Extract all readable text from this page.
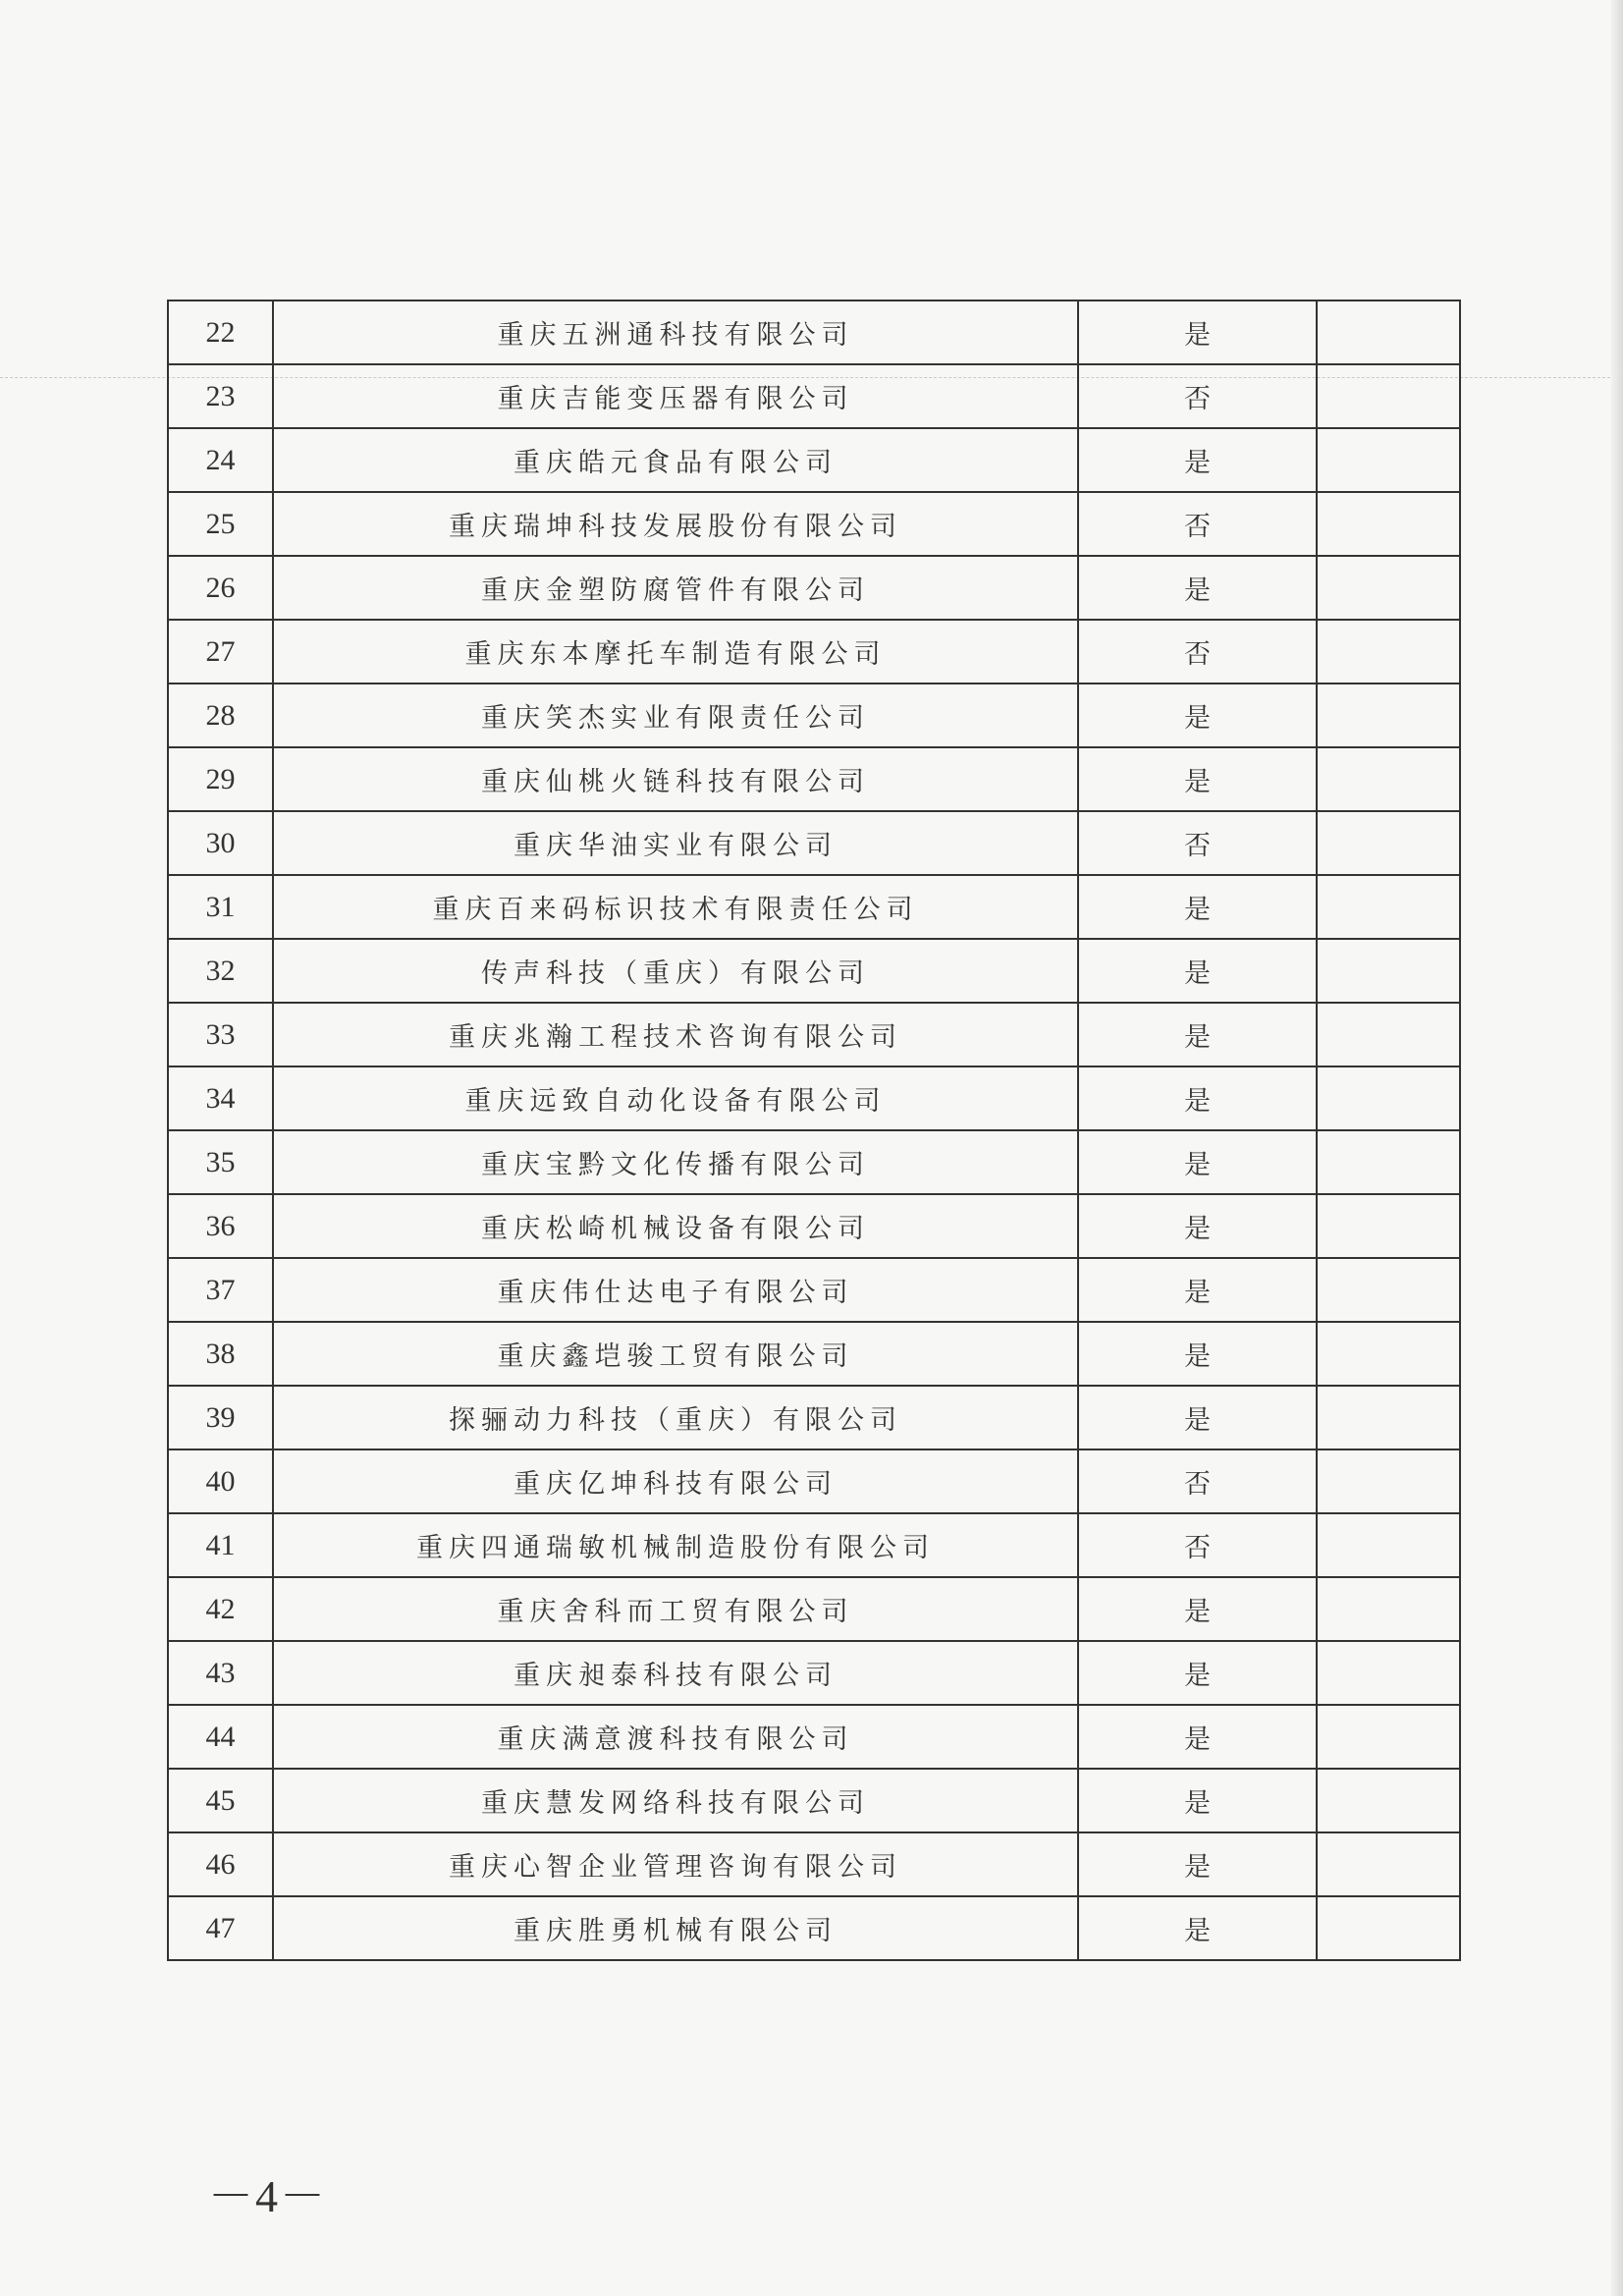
22	重庆五洲通科技有限公司	是	
23	重庆吉能变压器有限公司	否	
24	重庆皓元食品有限公司	是	
25	重庆瑞坤科技发展股份有限公司	否	
26	重庆金塑防腐管件有限公司	是	
27	重庆东本摩托车制造有限公司	否	
28	重庆笑杰实业有限责任公司	是	
29	重庆仙桃火链科技有限公司	是	
30	重庆华油实业有限公司	否	
31	重庆百来码标识技术有限责任公司	是	
32	传声科技（重庆）有限公司	是	
33	重庆兆瀚工程技术咨询有限公司	是	
34	重庆远致自动化设备有限公司	是	
35	重庆宝黔文化传播有限公司	是	
36	重庆松崎机械设备有限公司	是	
37	重庆伟仕达电子有限公司	是	
38	重庆鑫垲骏工贸有限公司	是	
39	探骊动力科技（重庆）有限公司	是	
40	重庆亿坤科技有限公司	否	
41	重庆四通瑞敏机械制造股份有限公司	否	
42	重庆舍科而工贸有限公司	是	
43	重庆昶泰科技有限公司	是	
44	重庆满意渡科技有限公司	是	
45	重庆慧发网络科技有限公司	是	
46	重庆心智企业管理咨询有限公司	是	
47	重庆胜勇机械有限公司	是	
－4－
